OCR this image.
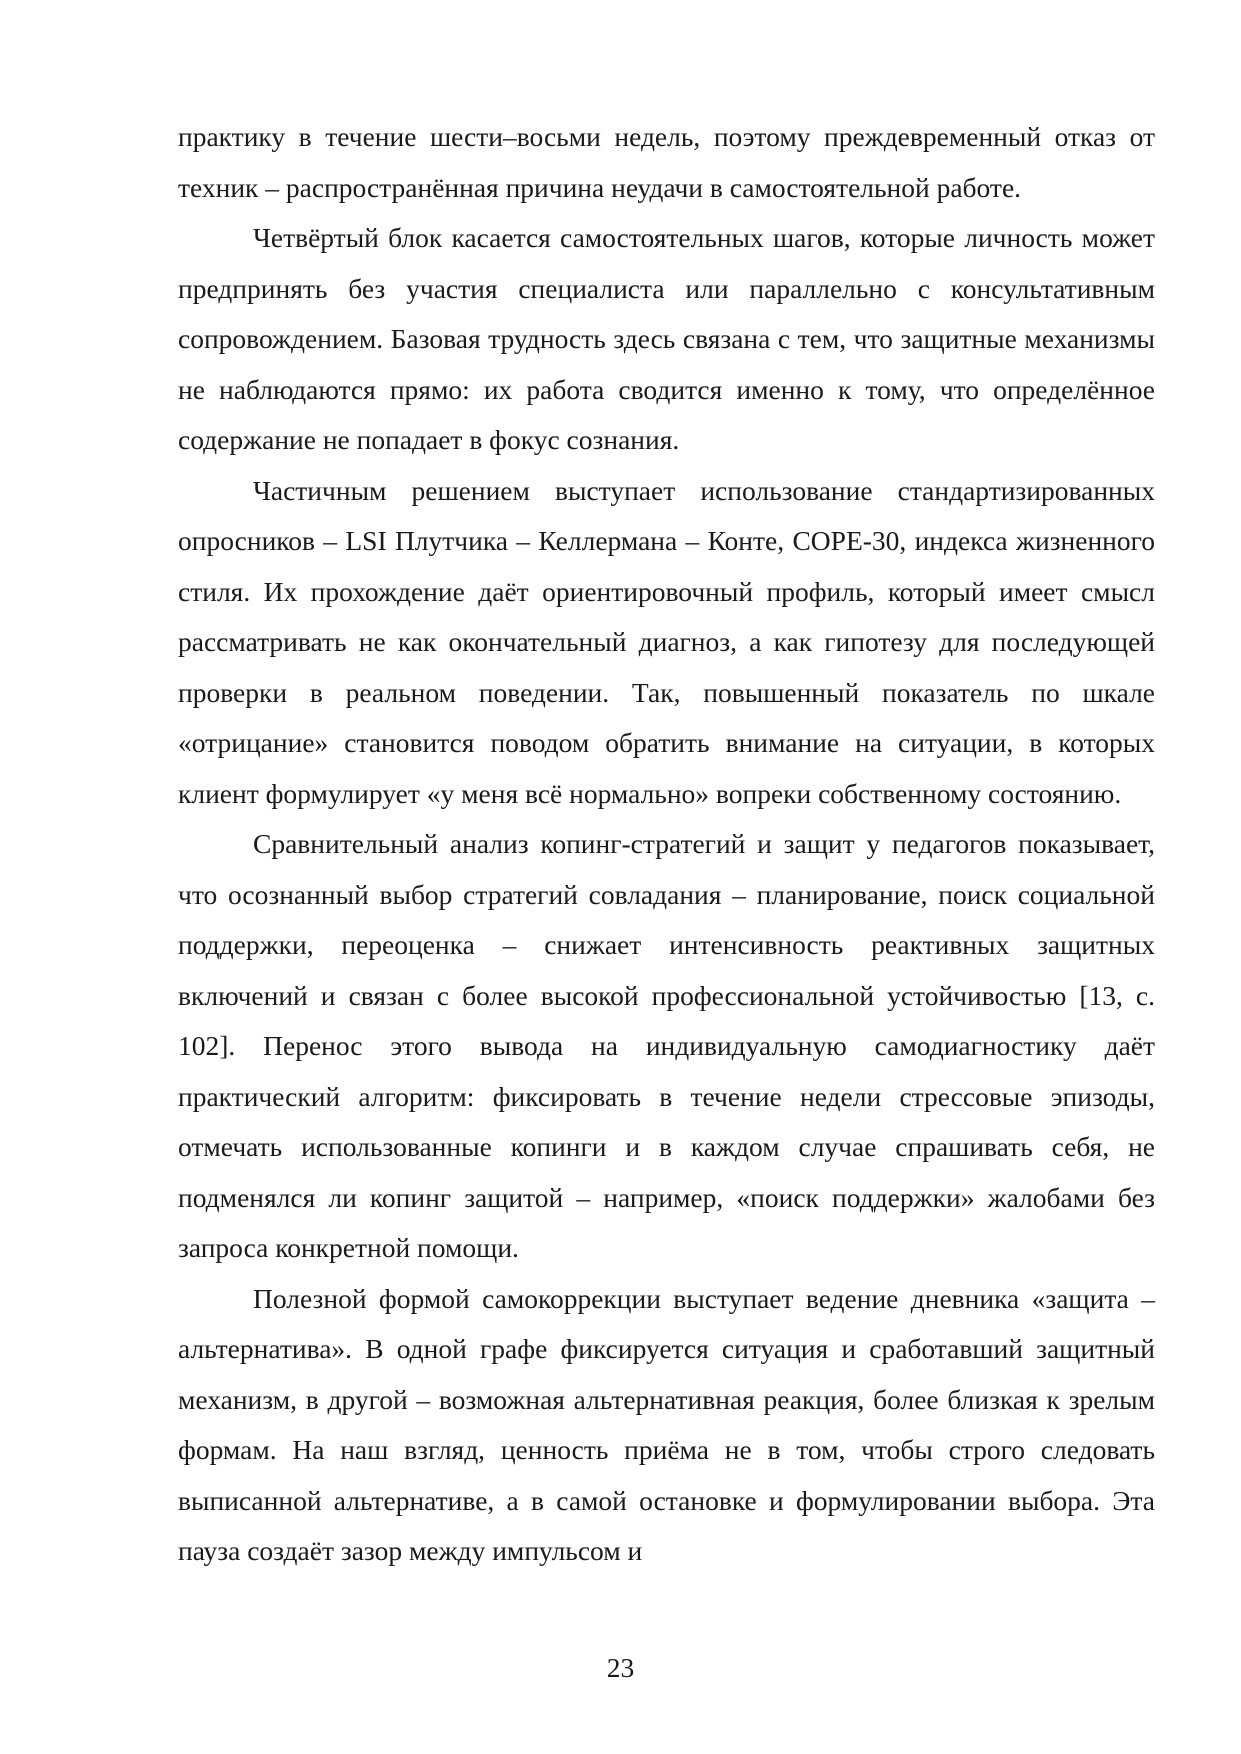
практику в течение шести–восьми недель, поэтому преждевременный отказ от техник – распространённая причина неудачи в самостоятельной работе.

Четвёртый блок касается самостоятельных шагов, которые личность может предпринять без участия специалиста или параллельно с консультативным сопровождением. Базовая трудность здесь связана с тем, что защитные механизмы не наблюдаются прямо: их работа сводится именно к тому, что определённое содержание не попадает в фокус сознания.

Частичным решением выступает использование стандартизированных опросников – LSI Плутчика – Келлермана – Конте, COPE-30, индекса жизненного стиля. Их прохождение даёт ориентировочный профиль, который имеет смысл рассматривать не как окончательный диагноз, а как гипотезу для последующей проверки в реальном поведении. Так, повышенный показатель по шкале «отрицание» становится поводом обратить внимание на ситуации, в которых клиент формулирует «у меня всё нормально» вопреки собственному состоянию.

Сравнительный анализ копинг-стратегий и защит у педагогов показывает, что осознанный выбор стратегий совладания – планирование, поиск социальной поддержки, переоценка – снижает интенсивность реактивных защитных включений и связан с более высокой профессиональной устойчивостью [13, с. 102]. Перенос этого вывода на индивидуальную самодиагностику даёт практический алгоритм: фиксировать в течение недели стрессовые эпизоды, отмечать использованные копинги и в каждом случае спрашивать себя, не подменялся ли копинг защитой – например, «поиск поддержки» жалобами без запроса конкретной помощи.

Полезной формой самокоррекции выступает ведение дневника «защита – альтернатива». В одной графе фиксируется ситуация и сработавший защитный механизм, в другой – возможная альтернативная реакция, более близкая к зрелым формам. На наш взгляд, ценность приёма не в том, чтобы строго следовать выписанной альтернативе, а в самой остановке и формулировании выбора. Эта пауза создаёт зазор между импульсом и

23
